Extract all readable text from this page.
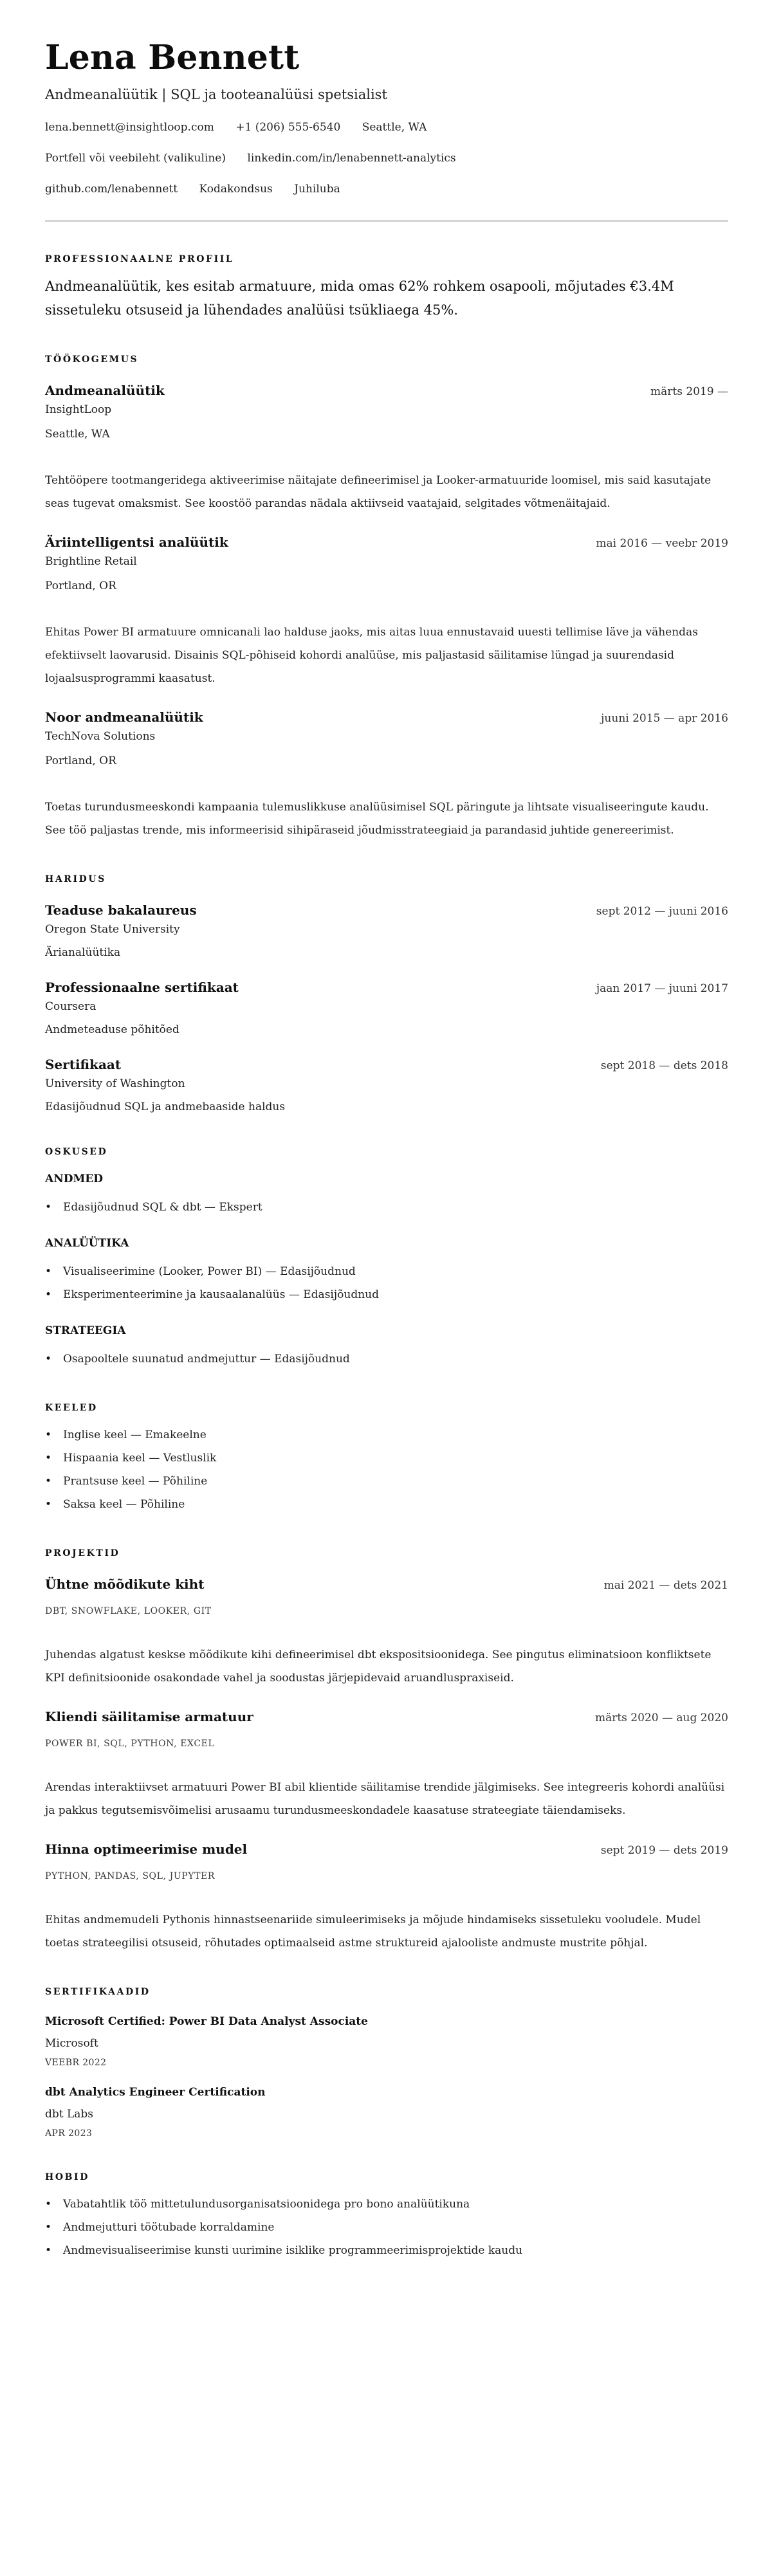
Lena Bennett
Andmeanalüütik | SQL ja tooteanalüüsi spetsialist
lena.bennett@insightloop.com +1 (206) 555-6540 Seattle, WA
Portfell või veebileht (valikuline) linkedin.com/in/lenabennett-analytics
github.com/lenabennett Kodakondsus Juhiluba
PROFESSIONAALNE PROFIIL

Andmeanalüütik, kes esitab armatuure, mida omas 62% rohkem osapooli, mõjutades €3.4M sissetuleku otsuseid ja lühendades analüüsi tsükliaega 45%.

TÖÖKOGEMUS
Andmeanalüütik	märts 2019 —
InsightLoop
Seattle, WA

Tehtööpere tootmangeridega aktiveerimise näitajate defineerimisel ja Looker-armatuuride loomisel, mis said kasutajate seas tugevat omaksmist. See koostöö parandas nädala aktiivseid vaatajaid, selgitades võtmenäitajaid.

Äriintelligentsi analüütik	mai 2016 — veebr 2019
Brightline Retail
Portland, OR

Ehitas Power BI armatuure omnicanali lao halduse jaoks, mis aitas luua ennustavaid uuesti tellimise läve ja vähendas efektiivselt laovarusid. Disainis SQL-põhiseid kohordi analüüse, mis paljastasid säilitamise lüngad ja suurendasid lojaalsusprogrammi kaasatust.

Noor andmeanalüütik	juuni 2015 — apr 2016
TechNova Solutions
Portland, OR

Toetas turundusmeeskondi kampaania tulemuslikkuse analüüsimisel SQL päringute ja lihtsate visualiseeringute kaudu. See töö paljastas trende, mis informeerisid sihipäraseid jõudmisstrateegiaid ja parandasid juhtide genereerimist.

HARIDUS
Teaduse bakalaureus	sept 2012 — juuni 2016
Oregon State University
Ärianalüütika
Professionaalne sertifikaat	jaan 2017 — juuni 2017
Coursera
Andmeteaduse põhitõed
Sertifikaat	sept 2018 — dets 2018
University of Washington
Edasijõudnud SQL ja andmebaaside haldus
OSKUSED
ANDMED
• Edasijõudnud SQL & dbt — Ekspert
ANALÜÜTIKA
• Visualiseerimine (Looker, Power BI) — Edasijõudnud
• Eksperimenteerimine ja kausaalanalüüs — Edasijõudnud
STRATEEGIA
• Osapooltele suunatud andmejuttur — Edasijõudnud
KEELED
• Inglise keel — Emakeelne
• Hispaania keel — Vestluslik
• Prantsuse keel — Põhiline
• Saksa keel — Põhiline
PROJEKTID
Ühtne mõõdikute kiht	mai 2021 — dets 2021
DBT, SNOWFLAKE, LOOKER, GIT

Juhendas algatust keskse mõõdikute kihi defineerimisel dbt ekspositsioonidega. See pingutus eliminatsioon konfliktsete KPI definitsioonide osakondade vahel ja soodustas järjepidevaid aruandluspraxiseid.

Kliendi säilitamise armatuur	märts 2020 — aug 2020
POWER BI, SQL, PYTHON, EXCEL

Arendas interaktiivset armatuuri Power BI abil klientide säilitamise trendide jälgimiseks. See integreeris kohordi analüüsi ja pakkus tegutsemisvõimelisi arusaamu turundusmeeskondadele kaasatuse strateegiate täiendamiseks.

Hinna optimeerimise mudel	sept 2019 — dets 2019
PYTHON, PANDAS, SQL, JUPYTER

Ehitas andmemudeli Pythonis hinnastseenariide simuleerimiseks ja mõjude hindamiseks sissetuleku vooludele. Mudel toetas strateegilisi otsuseid, rõhutades optimaalseid astme struktureid ajalooliste andmuste mustrite põhjal.

SERTIFIKAADID
Microsoft Certified: Power BI Data Analyst Associate
Microsoft
VEEBR 2022
dbt Analytics Engineer Certification
dbt Labs
APR 2023
HOBID
• Vabatahtlik töö mittetulundusorganisatsioonidega pro bono analüütikuna
• Andmejutturi töötubade korraldamine
• Andmevisualiseerimise kunsti uurimine isiklike programmeerimisprojektide kaudu
